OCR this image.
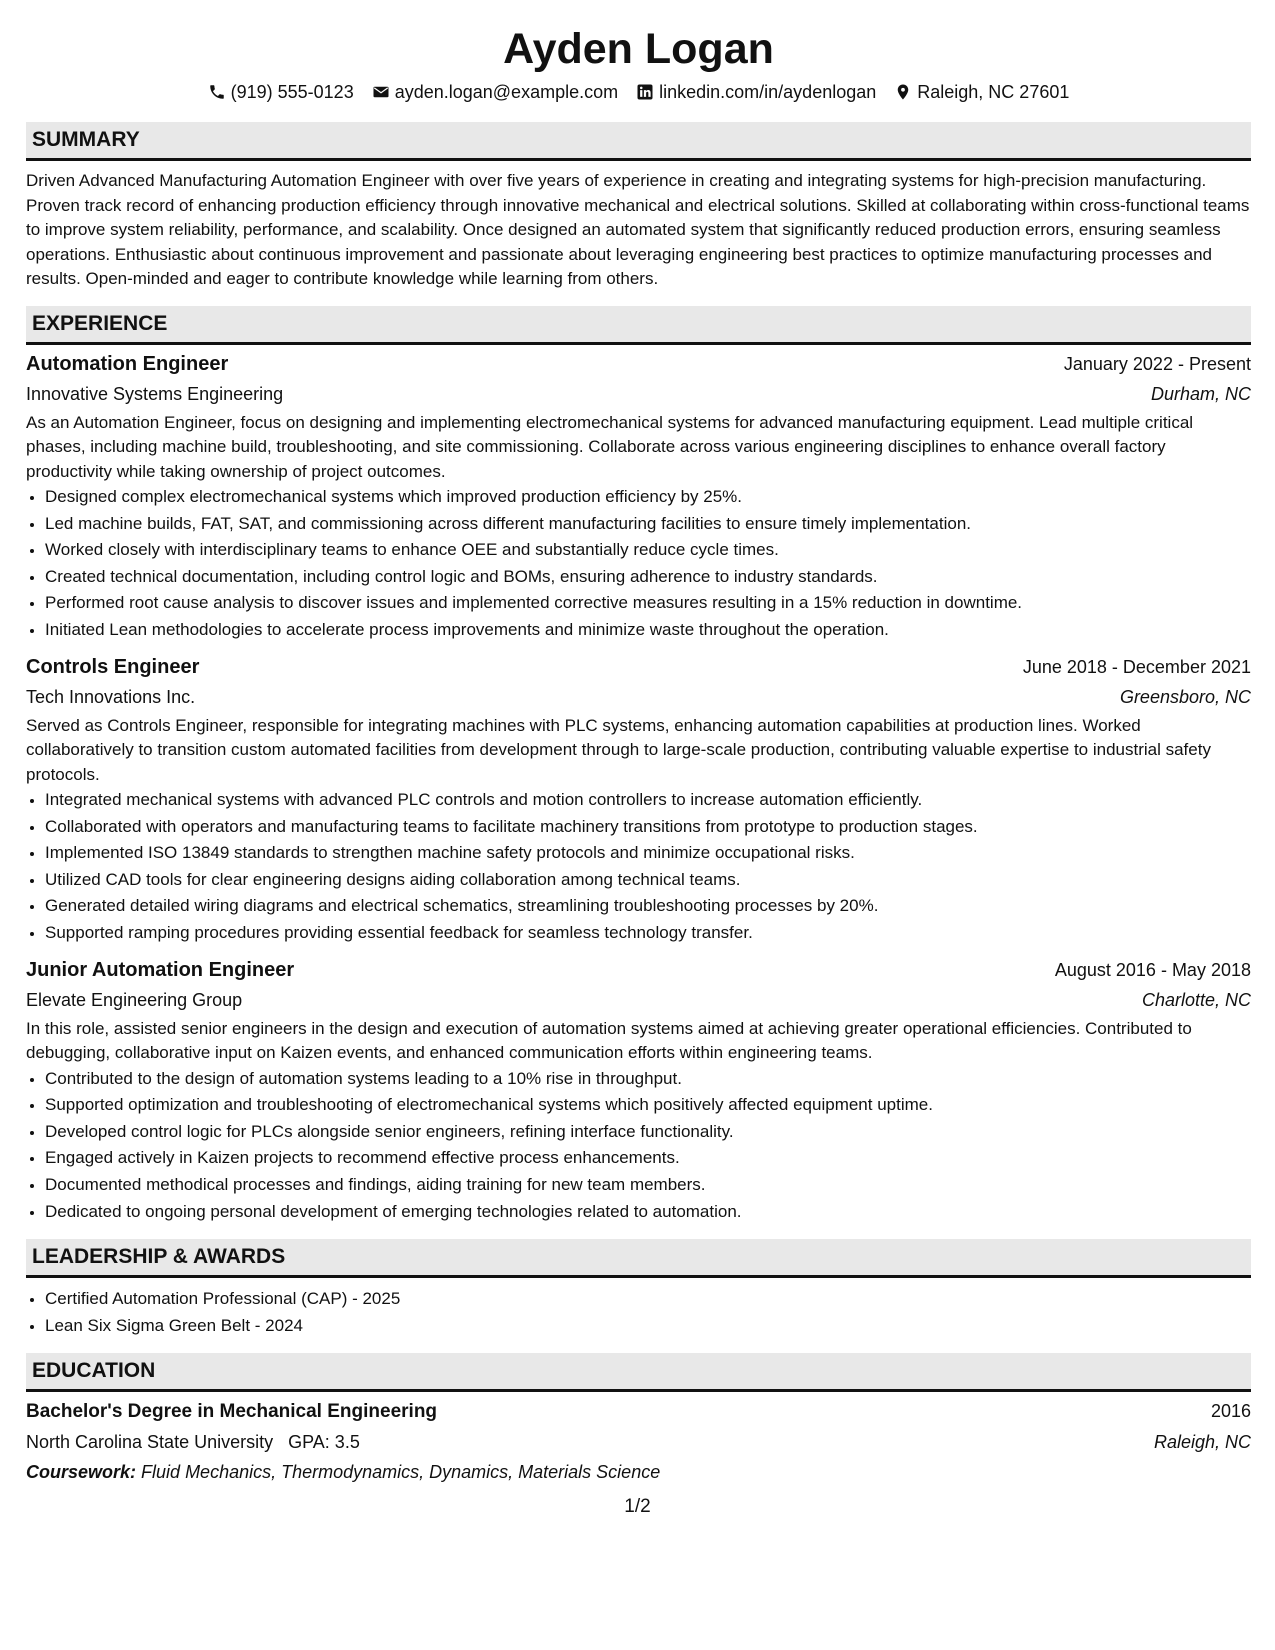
Ayden Logan
(919) 555-0123 ayden.logan@example.com linkedin.com/in/aydenlogan Raleigh, NC 27601
SUMMARY

Driven Advanced Manufacturing Automation Engineer with over five years of experience in creating and integrating systems for high-precision manufacturing. Proven track record of enhancing production efficiency through innovative mechanical and electrical solutions. Skilled at collaborating within cross-functional teams to improve system reliability, performance, and scalability. Once designed an automated system that significantly reduced production errors, ensuring seamless operations. Enthusiastic about continuous improvement and passionate about leveraging engineering best practices to optimize manufacturing processes and results. Open-minded and eager to contribute knowledge while learning from others.

EXPERIENCE
Automation Engineer	January 2022 - Present
Innovative Systems Engineering	Durham, NC

As an Automation Engineer, focus on designing and implementing electromechanical systems for advanced manufacturing equipment. Lead multiple critical phases, including machine build, troubleshooting, and site commissioning. Collaborate across various engineering disciplines to enhance overall factory productivity while taking ownership of project outcomes.

• Designed complex electromechanical systems which improved production efficiency by 25%.
• Led machine builds, FAT, SAT, and commissioning across different manufacturing facilities to ensure timely implementation.
• Worked closely with interdisciplinary teams to enhance OEE and substantially reduce cycle times.
• Created technical documentation, including control logic and BOMs, ensuring adherence to industry standards.
• Performed root cause analysis to discover issues and implemented corrective measures resulting in a 15% reduction in downtime.
• Initiated Lean methodologies to accelerate process improvements and minimize waste throughout the operation.
Controls Engineer	June 2018 - December 2021
Tech Innovations Inc.	Greensboro, NC

Served as Controls Engineer, responsible for integrating machines with PLC systems, enhancing automation capabilities at production lines. Worked collaboratively to transition custom automated facilities from development through to large-scale production, contributing valuable expertise to industrial safety protocols.

• Integrated mechanical systems with advanced PLC controls and motion controllers to increase automation efficiently.
• Collaborated with operators and manufacturing teams to facilitate machinery transitions from prototype to production stages.
• Implemented ISO 13849 standards to strengthen machine safety protocols and minimize occupational risks.
• Utilized CAD tools for clear engineering designs aiding collaboration among technical teams.
• Generated detailed wiring diagrams and electrical schematics, streamlining troubleshooting processes by 20%.
• Supported ramping procedures providing essential feedback for seamless technology transfer.
Junior Automation Engineer	August 2016 - May 2018
Elevate Engineering Group	Charlotte, NC

In this role, assisted senior engineers in the design and execution of automation systems aimed at achieving greater operational efficiencies. Contributed to debugging, collaborative input on Kaizen events, and enhanced communication efforts within engineering teams.

• Contributed to the design of automation systems leading to a 10% rise in throughput.
• Supported optimization and troubleshooting of electromechanical systems which positively affected equipment uptime.
• Developed control logic for PLCs alongside senior engineers, refining interface functionality.
• Engaged actively in Kaizen projects to recommend effective process enhancements.
• Documented methodical processes and findings, aiding training for new team members.
• Dedicated to ongoing personal development of emerging technologies related to automation.
LEADERSHIP & AWARDS
• Certified Automation Professional (CAP) - 2025
• Lean Six Sigma Green Belt - 2024
EDUCATION
Bachelor's Degree in Mechanical Engineering	2016
North Carolina State University GPA: 3.5	Raleigh, NC
Coursework: Fluid Mechanics, Thermodynamics, Dynamics, Materials Science
1/2
